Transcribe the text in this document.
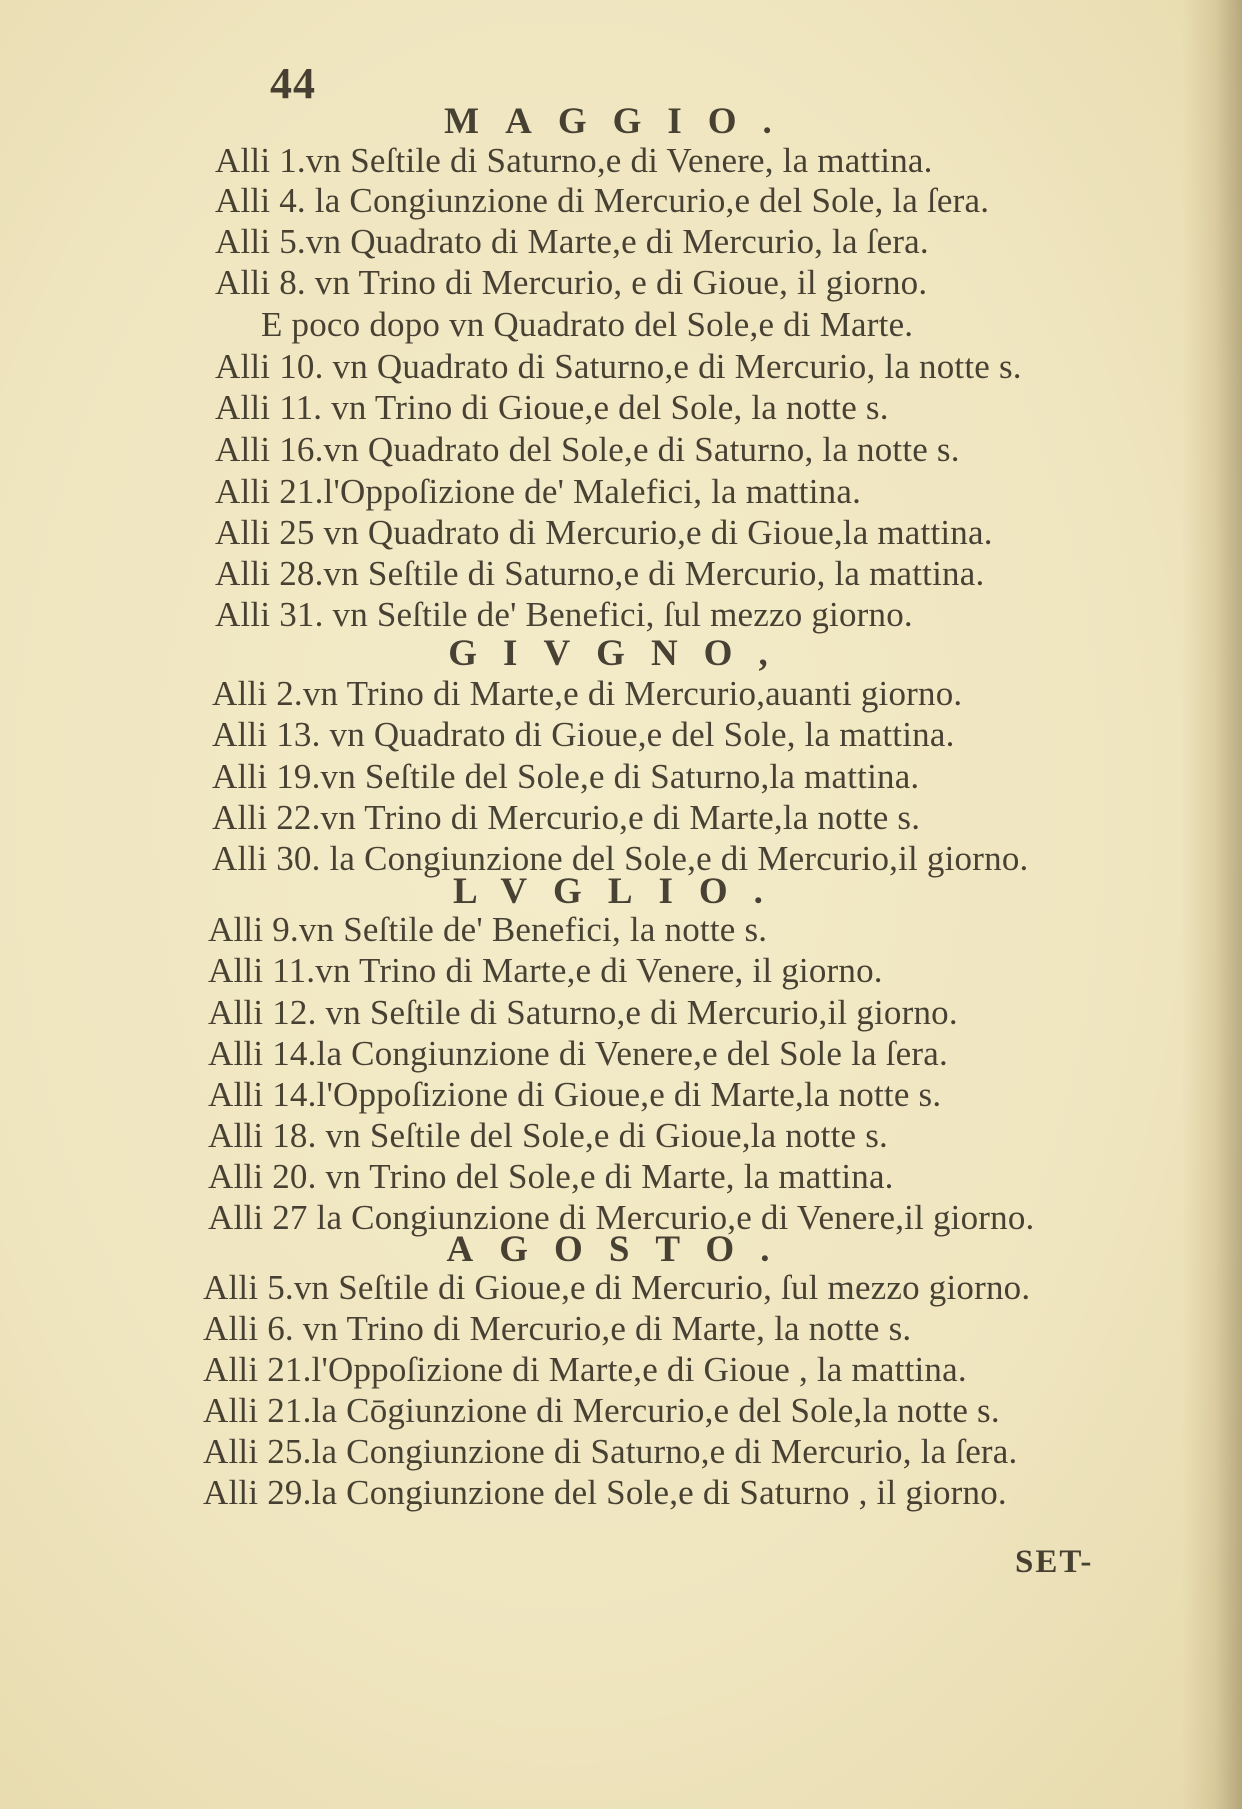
44
MAGGIO.
Alli 1.vn Seſtile di Saturno,e di Venere, la mattina.
Alli 4. la Congiunzione di Mercurio,e del Sole, la ſera.
Alli 5.vn Quadrato di Marte,e di Mercurio, la ſera.
Alli 8. vn Trino di Mercurio, e di Gioue, il giorno.
E poco dopo vn Quadrato del Sole,e di Marte.
Alli 10. vn Quadrato di Saturno,e di Mercurio, la notte s.
Alli 11. vn Trino di Gioue,e del Sole, la notte s.
Alli 16.vn Quadrato del Sole,e di Saturno, la notte s.
Alli 21.l'Oppoſizione de' Malefici, la mattina.
Alli 25 vn Quadrato di Mercurio,e di Gioue,la mattina.
Alli 28.vn Seſtile di Saturno,e di Mercurio, la mattina.
Alli 31. vn Seſtile de' Benefici, ſul mezzo giorno.
GIVGNO,
Alli 2.vn Trino di Marte,e di Mercurio,auanti giorno.
Alli 13. vn Quadrato di Gioue,e del Sole, la mattina.
Alli 19.vn Seſtile del Sole,e di Saturno,la mattina.
Alli 22.vn Trino di Mercurio,e di Marte,la notte s.
Alli 30. la Congiunzione del Sole,e di Mercurio,il giorno.
LVGLIO.
Alli 9.vn Seſtile de' Benefici, la notte s.
Alli 11.vn Trino di Marte,e di Venere, il giorno.
Alli 12. vn Seſtile di Saturno,e di Mercurio,il giorno.
Alli 14.la Congiunzione di Venere,e del Sole la ſera.
Alli 14.l'Oppoſizione di Gioue,e di Marte,la notte s.
Alli 18. vn Seſtile del Sole,e di Gioue,la notte s.
Alli 20. vn Trino del Sole,e di Marte, la mattina.
Alli 27 la Congiunzione di Mercurio,e di Venere,il giorno.
AGOSTO.
Alli 5.vn Seſtile di Gioue,e di Mercurio, ſul mezzo giorno.
Alli 6. vn Trino di Mercurio,e di Marte, la notte s.
Alli 21.l'Oppoſizione di Marte,e di Gioue , la mattina.
Alli 21.la Cōgiunzione di Mercurio,e del Sole,la notte s.
Alli 25.la Congiunzione di Saturno,e di Mercurio, la ſera.
Alli 29.la Congiunzione del Sole,e di Saturno , il giorno.
SET-
